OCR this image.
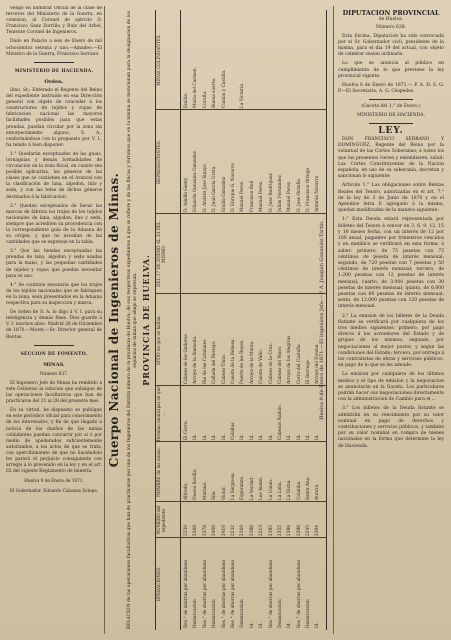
Vengo en nombrar Oficial de la clase de terceros del Ministerio de la Guerra, en comision, al Coronel de ejército D. Francisco Sanz Zorrilla y Rulz del Arbol, Teniente Coronel de Ingenieros.

Dado en Palacio a seis de Enero de mil ochocientos setenta y uno.—Amadeo.—El Ministro de la Guerra, Francisco Serrano.

MINISTERIO DE HACIENDA.

Orden.

Ilmo. Sr.: Enterado el Regente del Reino del expediente instruido en esa Dirección general con objeto de conceder á los constructores de tejidos y ropas de fabricacion nacional las mayores facilidades posibles para que estas prendas, puedan circular por la zona sin entorpecimiento alguno; S. A., conformándose con lo propuesto por V. I., ha tenido á bien disponer:

1.° Quedarán exceptuados de las guias, tornaguias y demás formalidades de circulacion en la zona fiscal, en cuanto sea posible aplicarlas, los géneros de las clases que se contienen en el Arancel con la clasificación de lana, algodon, hilo y seda, y con las telas de dichos géneros destinados á la fabricacion.

2.° Quedan exceptuados de llevar las marcas de fábrica los trajes de los tejidos nacionales de lana, algodon, lino y seda, siempre que acrediten su procedencia con la correspondiente guia de la Aduana de su origen, y que no excedan de las cantidades que se expresan en la tabla.

3.° Que las tiendas exceptuadas las prendas de lana, algodon y seda usadas para la mano, y las pequeñas cantidades de tejidos y ropas que puedan necesitar para su uso.

4.° Se continúe necesaria que los trajes de los tejidos nacionales que se fabriquen en la zona, sean presentados en la Aduana respectiva para su inspeccion y marca.

De órden de S. A. lo digo á V. I. para su inteligencia y demás fines. Dios guarde á V. I. muchos años. Madrid 28 de Diciembre de 1870.—Moret.—Sr. Director general de Rentas.

SECCION DE FOMENTO.

MINAS.

Número 637.

El Ingeniero Jefe de Minas ha remitido á este Gobierno la relacion que subsigue de las operaciones facultativas que han de practicarse del 21 al 28 del presente mes.

En su virtud, he dispuesto se publique en este periódico oficial para conocimiento de los interesados, y fin de que llegado a noticia de los dueños de las minas colindantes puedan concurrir por si ó por medio de apoderados suficientemente autorizados, á los actos de que se trata, con apercibimiento de que no haciéndolo les parará el perjuicio consiguiente con arreglo á lo prevenido en la ley y en el art. 65 del vigente Reglamento de minería.

Huelva 9 de Enero de 1871.

El Gobernador, Eduardo Cabanas Estepa.

Cuerpo Nacional de Ingenieros de Minas. RELACION de las operaciones facultativas que han de practicarse por uno de los Ingenieros del Distrito minero de la provincia de Huelva, de sus respectivos expedientes á que se refiere y de las fincas y términos que en la misma se mencionan para la designacion de los espacios de minas que abajo se expresan. PROVINCIA DE HUELVA.
OPERACIONES.
NÚMERO del expediente.
NOMBRE de las minas.
Término municipal en que ...
SITIO en que se hallan.
DEL 17 DE ENERO AL 24 DEL MISMO.
REPRESENTANTES.
MINAS COLINDANTES.
Rec.° de aborras por abandono
2330
Alfredo.
El Cerro.
Cabezo de los Gaderos
D. Adolfo Genty
Emilia.
Demarcacion
2368
Nuevo Sevilla.
Id.
Arroyo de la Alameda.
Eduardo Gonzalez Gonzalez
Maria del Carmen.
Rec.° de aborras por abandono
2378
Marimo.
Id.
Rio de los Catalanes.
D. Andres Jose Sinayo
Coruña.
Demarcacion
2408
Silo.
Id.
Cañada del Reviejo.
D. Juan Garcia Ureta
Buena suerte.
Rec.° de aborras por abandono
2410
Victor.
Id.
Cabezo Tinto.
Emilio Gonzalez
Cumba y Castillo.
Rec.° de aborras por abandono
2232
La Sorpresa.
Calañas.
Cuesta de la Dehesa.
D. Enrique G. Navarro
Demarcacion
2160
Esperanza.
Id.
Puerto de los Reyes.
Manuel Perez.
La Victoria.
Id.
2188
La Verdad.
Id.
Arroyo de la Monta.
Francisco Buil
Id.
2213
Los Andes.
Id.
Cuesta de Valle.
Manuel Perez.
Rec.° de aborras por abandono
2195
La Union.
Id.
Cabezo de la Cruz.
D. Jose Rodriguez
Demarcacion
2355
La Loba.
Cabezas Rubias.
Cabezo del Moro.
Julian Fernandez
Id.
2386
La Dicha.
Id.
Arroyo de las Alegrías
Manuel Perez.
Rec.° de aborras por abandono
2296
Catalina.
Id.
Cerro del Castaño.
D. Jose Orduña
Demarcacion
2245
Santa Ana.
Id.
El Borrego.
D. Francisco Ortega
Id.
2304
Aurora.
Id.
Arroyo del Fresno.
Antonio Navarro
Huelva 9 de Enero de 1871.—El Ingeniero Jefe.—P. A. Joaquin Gonzalez Tartin.

DIPUTACION PROVINCIAL

de Huelva.

Número 638.

Esta Excma. Diputacion ha sido convocada por el Sr. Gobernador civil, presidente de la misma, para el dia 19 del actual, con objeto de celebrar sesion ordinaria.

Lo que se anuncia al público en cumplimiento de lo que previene la ley provincial vigente.

Huelva 8 de Enero de 1871.— P. A. D. S. G. P.—El Secretario, A. G. Céspedes.

(Gaceta del 1.° de Enero.)

MINISTERIO DE HACIENDA.

LEY.

DON FRANCISCO SERRANO Y DOMINGUEZ, Regente del Reino por la voluntad de las Córtes Soberanas; á todos los que las presentes vieren y entendieren, salud: Las Córtes Constituyentes de la Nacion española, en uso de su soberanía, decretan y sancionan lo siguiente:

Artículo 1.° Las obligaciones sobre Rentas Reales del Tesoro, autorizadas en el art. 7.° de la ley de 3 de Junio de 1870 y en el Apéndice letra E agregado á la misma, quedan modificadas de la manera siguiente:

1.° Esta Deuda estará representada por billetes del Tesoro á vencer en 3, 6, 9, 12, 15 y 18 meses fecha, con un interés de 12 por 100 anual, pagadero por trimestres vencidos y en metálico se verificará en esta forma: á saber: primero, de 75 pesetas con 75 céntimos de peseta de interés mensual; segundo, de 720 pesetas con 7 pesetas y 50 céntimos de interés mensual; tercero, de 1.200 pesetas con 12 pesetas de interés mensual; cuarto, de 3.000 pesetas con 30 pesetas de interés mensual; quinto, de 6.000 pesetas con 60 pesetas de interés mensual; sexto, de 12.000 pesetas con 120 pesetas de interés mensual.

2.° La emision de los billetes de la Deuda flotante se verificará por cualquiera de los tres medios siguientes: primero, por pago directo á los acreedores del Estado y de grupos de los mismos; segundo, por negociaciones al mejor postor, y segun las condiciones del Estado; tercero, por entrega á los contratistas de obras y servicios públicos, en pago de lo que se les adeude.

La emision por cualquiera de los últimos medios y el tipo de emision y la negociacion se anunciarán en la Gaceta. Los particulares podrán hacer sus negociaciones directamente con la administracion de Cambio para el ...

3.° Los billetes de la Deuda flotante se admitirán en su vencimiento por su valor nominal en pago de derechos y contribuciones y servicios públicos, y también por su valor nominal en compra de bienes nacionales en la forma que determine la ley de Hacienda.
